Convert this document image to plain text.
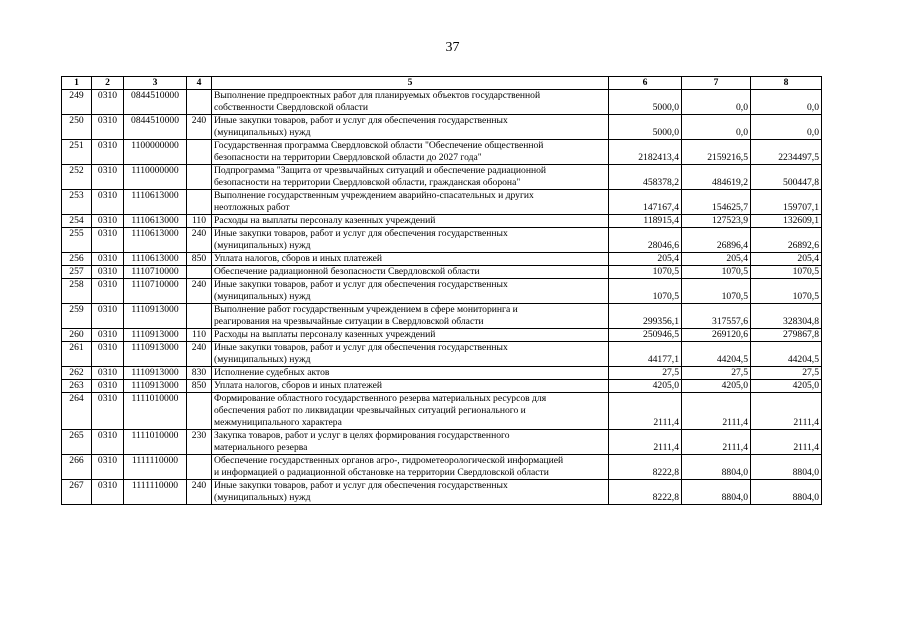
37
1	2	3	4	5	6	7	8
249	0310	0844510000		Выполнение предпроектных работ для планируемых объектов государственной
собственности Свердловской области	5000,0	0,0	0,0
250	0310	0844510000	240	Иные закупки товаров, работ и услуг для обеспечения государственных
(муниципальных) нужд	5000,0	0,0	0,0
251	0310	1100000000		Государственная программа Свердловской области "Обеспечение общественной
безопасности на территории Свердловской области до 2027 года"	2182413,4	2159216,5	2234497,5
252	0310	1110000000		Подпрограмма "Защита от чрезвычайных ситуаций и обеспечение радиационной
безопасности на территории Свердловской области, гражданская оборона"	458378,2	484619,2	500447,8
253	0310	1110613000		Выполнение государственным учреждением аварийно-спасательных и других
неотложных работ	147167,4	154625,7	159707,1
254	0310	1110613000	110	Расходы на выплаты персоналу казенных учреждений	118915,4	127523,9	132609,1
255	0310	1110613000	240	Иные закупки товаров, работ и услуг для обеспечения государственных
(муниципальных) нужд	28046,6	26896,4	26892,6
256	0310	1110613000	850	Уплата налогов, сборов и иных платежей	205,4	205,4	205,4
257	0310	1110710000		Обеспечение радиационной безопасности Свердловской области	1070,5	1070,5	1070,5
258	0310	1110710000	240	Иные закупки товаров, работ и услуг для обеспечения государственных
(муниципальных) нужд	1070,5	1070,5	1070,5
259	0310	1110913000		Выполнение работ государственным учреждением в сфере мониторинга и
реагирования на чрезвычайные ситуации в Свердловской области	299356,1	317557,6	328304,8
260	0310	1110913000	110	Расходы на выплаты персоналу казенных учреждений	250946,5	269120,6	279867,8
261	0310	1110913000	240	Иные закупки товаров, работ и услуг для обеспечения государственных
(муниципальных) нужд	44177,1	44204,5	44204,5
262	0310	1110913000	830	Исполнение судебных актов	27,5	27,5	27,5
263	0310	1110913000	850	Уплата налогов, сборов и иных платежей	4205,0	4205,0	4205,0
264	0310	1111010000		Формирование областного государственного резерва материальных ресурсов для
обеспечения работ по ликвидации чрезвычайных ситуаций регионального и
межмуниципального характера	2111,4	2111,4	2111,4
265	0310	1111010000	230	Закупка товаров, работ и услуг в целях формирования государственного
материального резерва	2111,4	2111,4	2111,4
266	0310	1111110000		Обеспечение государственных органов агро-, гидрометеорологической информацией
и информацией о радиационной обстановке на территории Свердловской области	8222,8	8804,0	8804,0
267	0310	1111110000	240	Иные закупки товаров, работ и услуг для обеспечения государственных
(муниципальных) нужд	8222,8	8804,0	8804,0
